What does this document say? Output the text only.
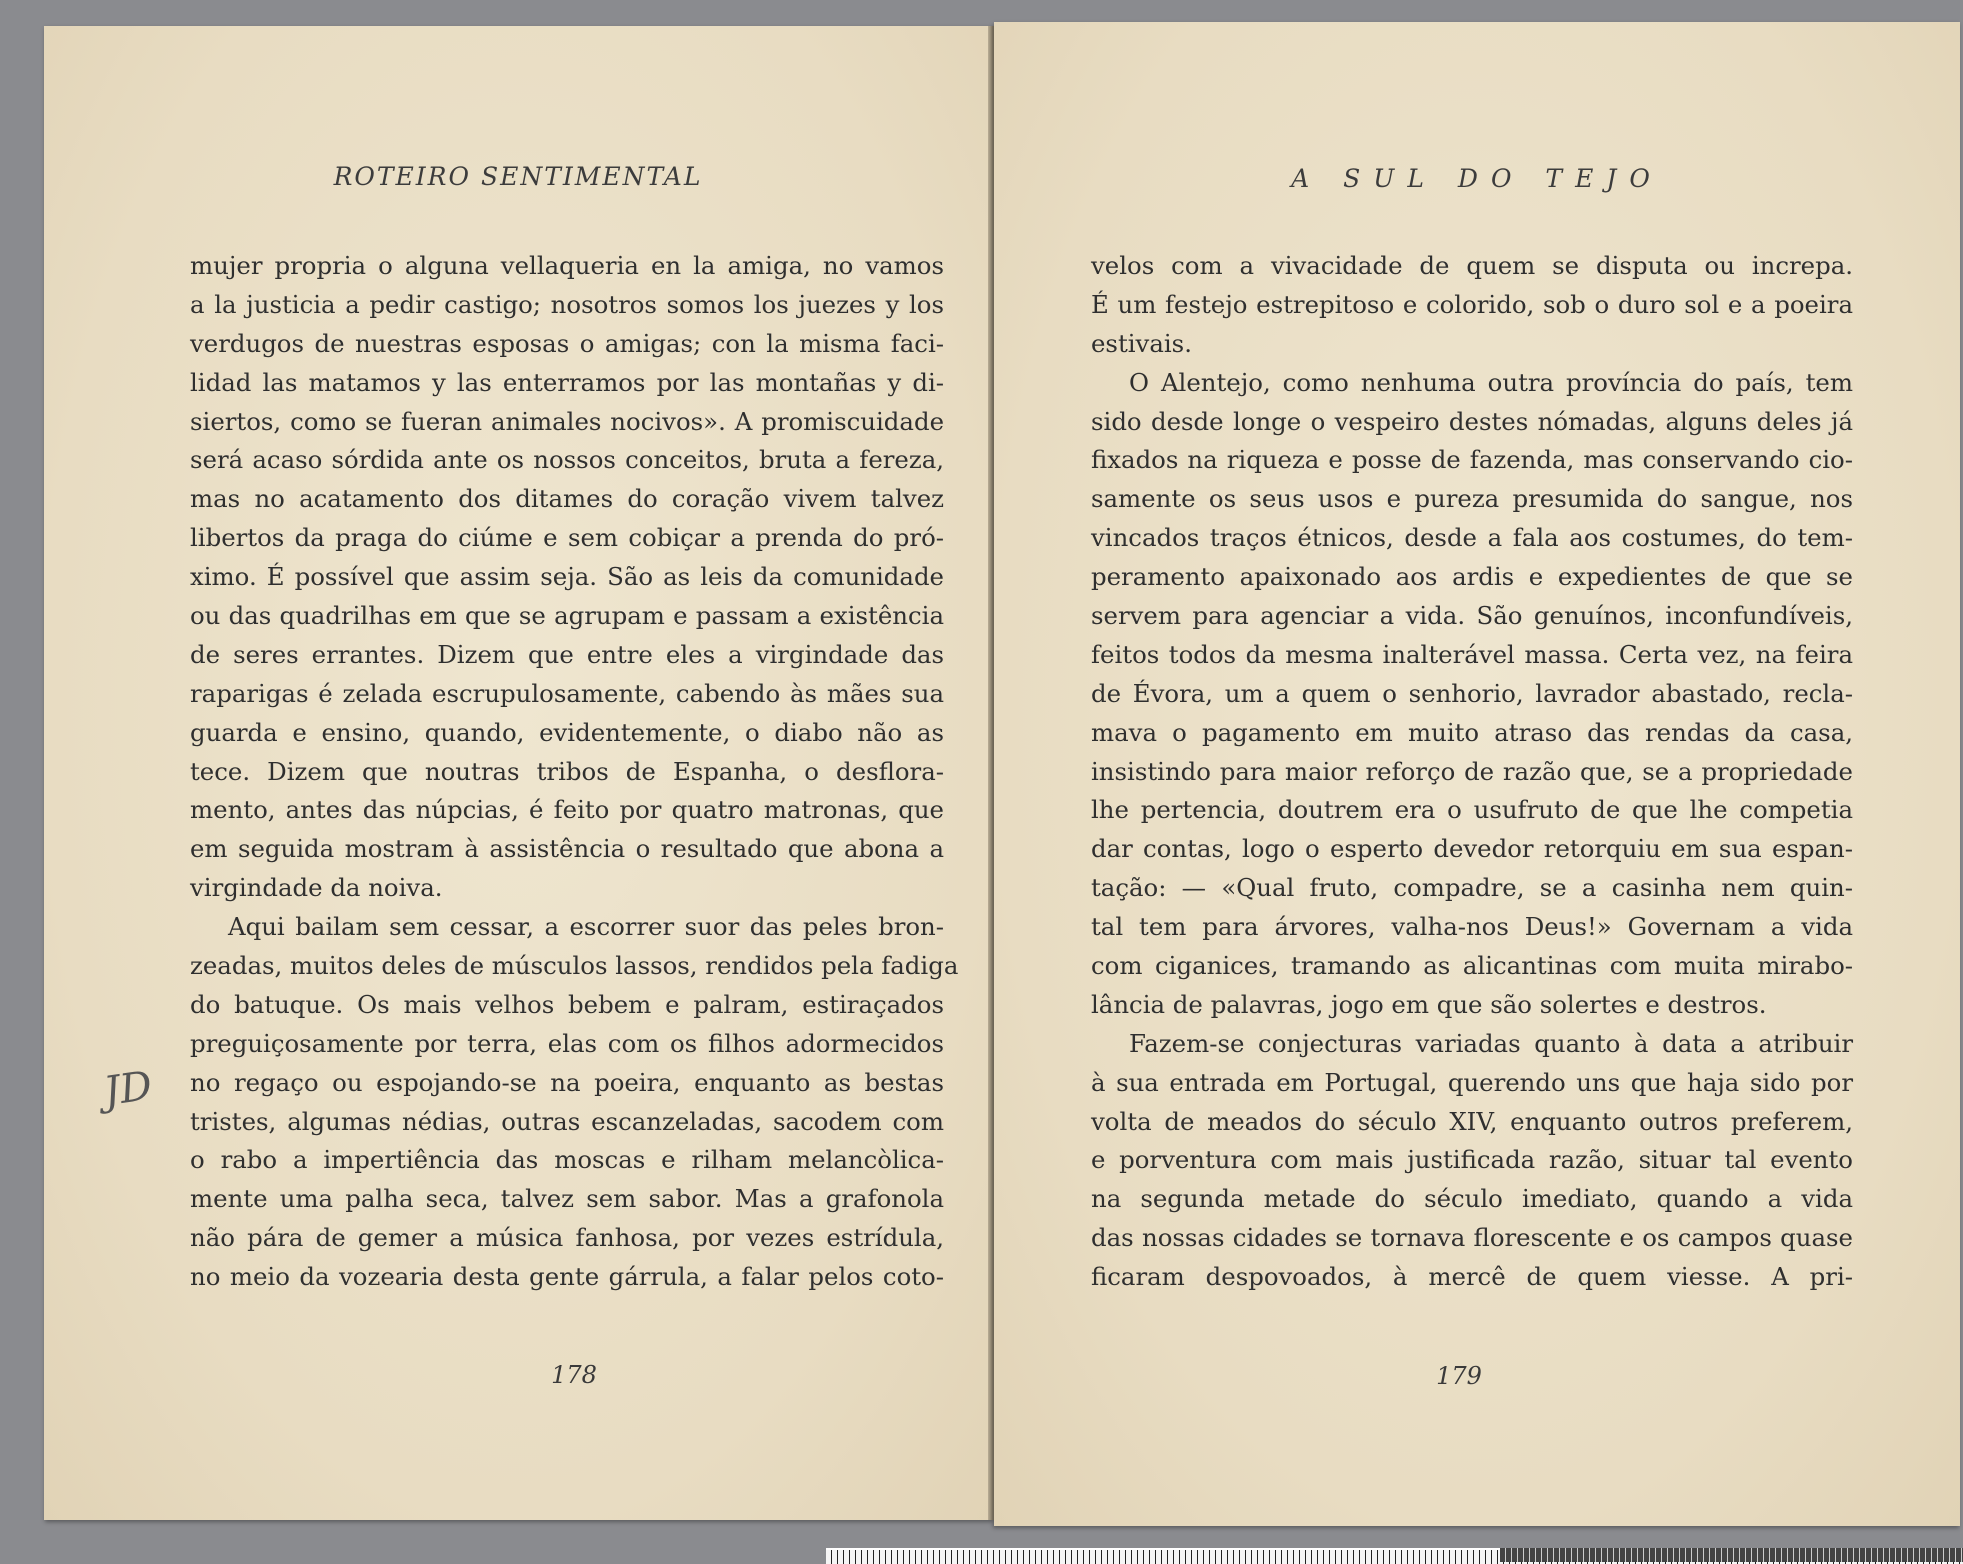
ROTEIRO SENTIMENTAL
mujer propria o alguna vellaqueria en la amiga, no vamos
a la justicia a pedir castigo; nosotros somos los juezes y los
verdugos de nuestras esposas o amigas; con la misma faci-
lidad las matamos y las enterramos por las montañas y di-
siertos, como se fueran animales nocivos». A promiscuidade
será acaso sórdida ante os nossos conceitos, bruta a fereza,
mas no acatamento dos ditames do coração vivem talvez
libertos da praga do ciúme e sem cobiçar a prenda do pró-
ximo. É possível que assim seja. São as leis da comunidade
ou das quadrilhas em que se agrupam e passam a existência
de seres errantes. Dizem que entre eles a virgindade das
raparigas é zelada escrupulosamente, cabendo às mães sua
guarda e ensino, quando, evidentemente, o diabo não as
tece. Dizem que noutras tribos de Espanha, o desflora-
mento, antes das núpcias, é feito por quatro matronas, que
em seguida mostram à assistência o resultado que abona a
virgindade da noiva.
Aqui bailam sem cessar, a escorrer suor das peles bron-
zeadas, muitos deles de músculos lassos, rendidos pela fadiga
do batuque. Os mais velhos bebem e palram, estiraçados
preguiçosamente por terra, elas com os filhos adormecidos
no regaço ou espojando-se na poeira, enquanto as bestas
tristes, algumas nédias, outras escanzeladas, sacodem com
o rabo a impertiência das moscas e rilham melancòlica-
mente uma palha seca, talvez sem sabor. Mas a grafonola
não pára de gemer a música fanhosa, por vezes estrídula,
no meio da vozearia desta gente gárrula, a falar pelos coto-
178
JD
A SUL DO TEJO
velos com a vivacidade de quem se disputa ou increpa.
É um festejo estrepitoso e colorido, sob o duro sol e a poeira
estivais.
O Alentejo, como nenhuma outra província do país, tem
sido desde longe o vespeiro destes nómadas, alguns deles já
fixados na riqueza e posse de fazenda, mas conservando cio-
samente os seus usos e pureza presumida do sangue, nos
vincados traços étnicos, desde a fala aos costumes, do tem-
peramento apaixonado aos ardis e expedientes de que se
servem para agenciar a vida. São genuínos, inconfundíveis,
feitos todos da mesma inalterável massa. Certa vez, na feira
de Évora, um a quem o senhorio, lavrador abastado, recla-
mava o pagamento em muito atraso das rendas da casa,
insistindo para maior reforço de razão que, se a propriedade
lhe pertencia, doutrem era o usufruto de que lhe competia
dar contas, logo o esperto devedor retorquiu em sua espan-
tação: — «Qual fruto, compadre, se a casinha nem quin-
tal tem para árvores, valha-nos Deus!» Governam a vida
com ciganices, tramando as alicantinas com muita mirabo-
lância de palavras, jogo em que são solertes e destros.
Fazem-se conjecturas variadas quanto à data a atribuir
à sua entrada em Portugal, querendo uns que haja sido por
volta de meados do século XIV, enquanto outros preferem,
e porventura com mais justificada razão, situar tal evento
na segunda metade do século imediato, quando a vida
das nossas cidades se tornava florescente e os campos quase
ficaram despovoados, à mercê de quem viesse. A pri-
179
